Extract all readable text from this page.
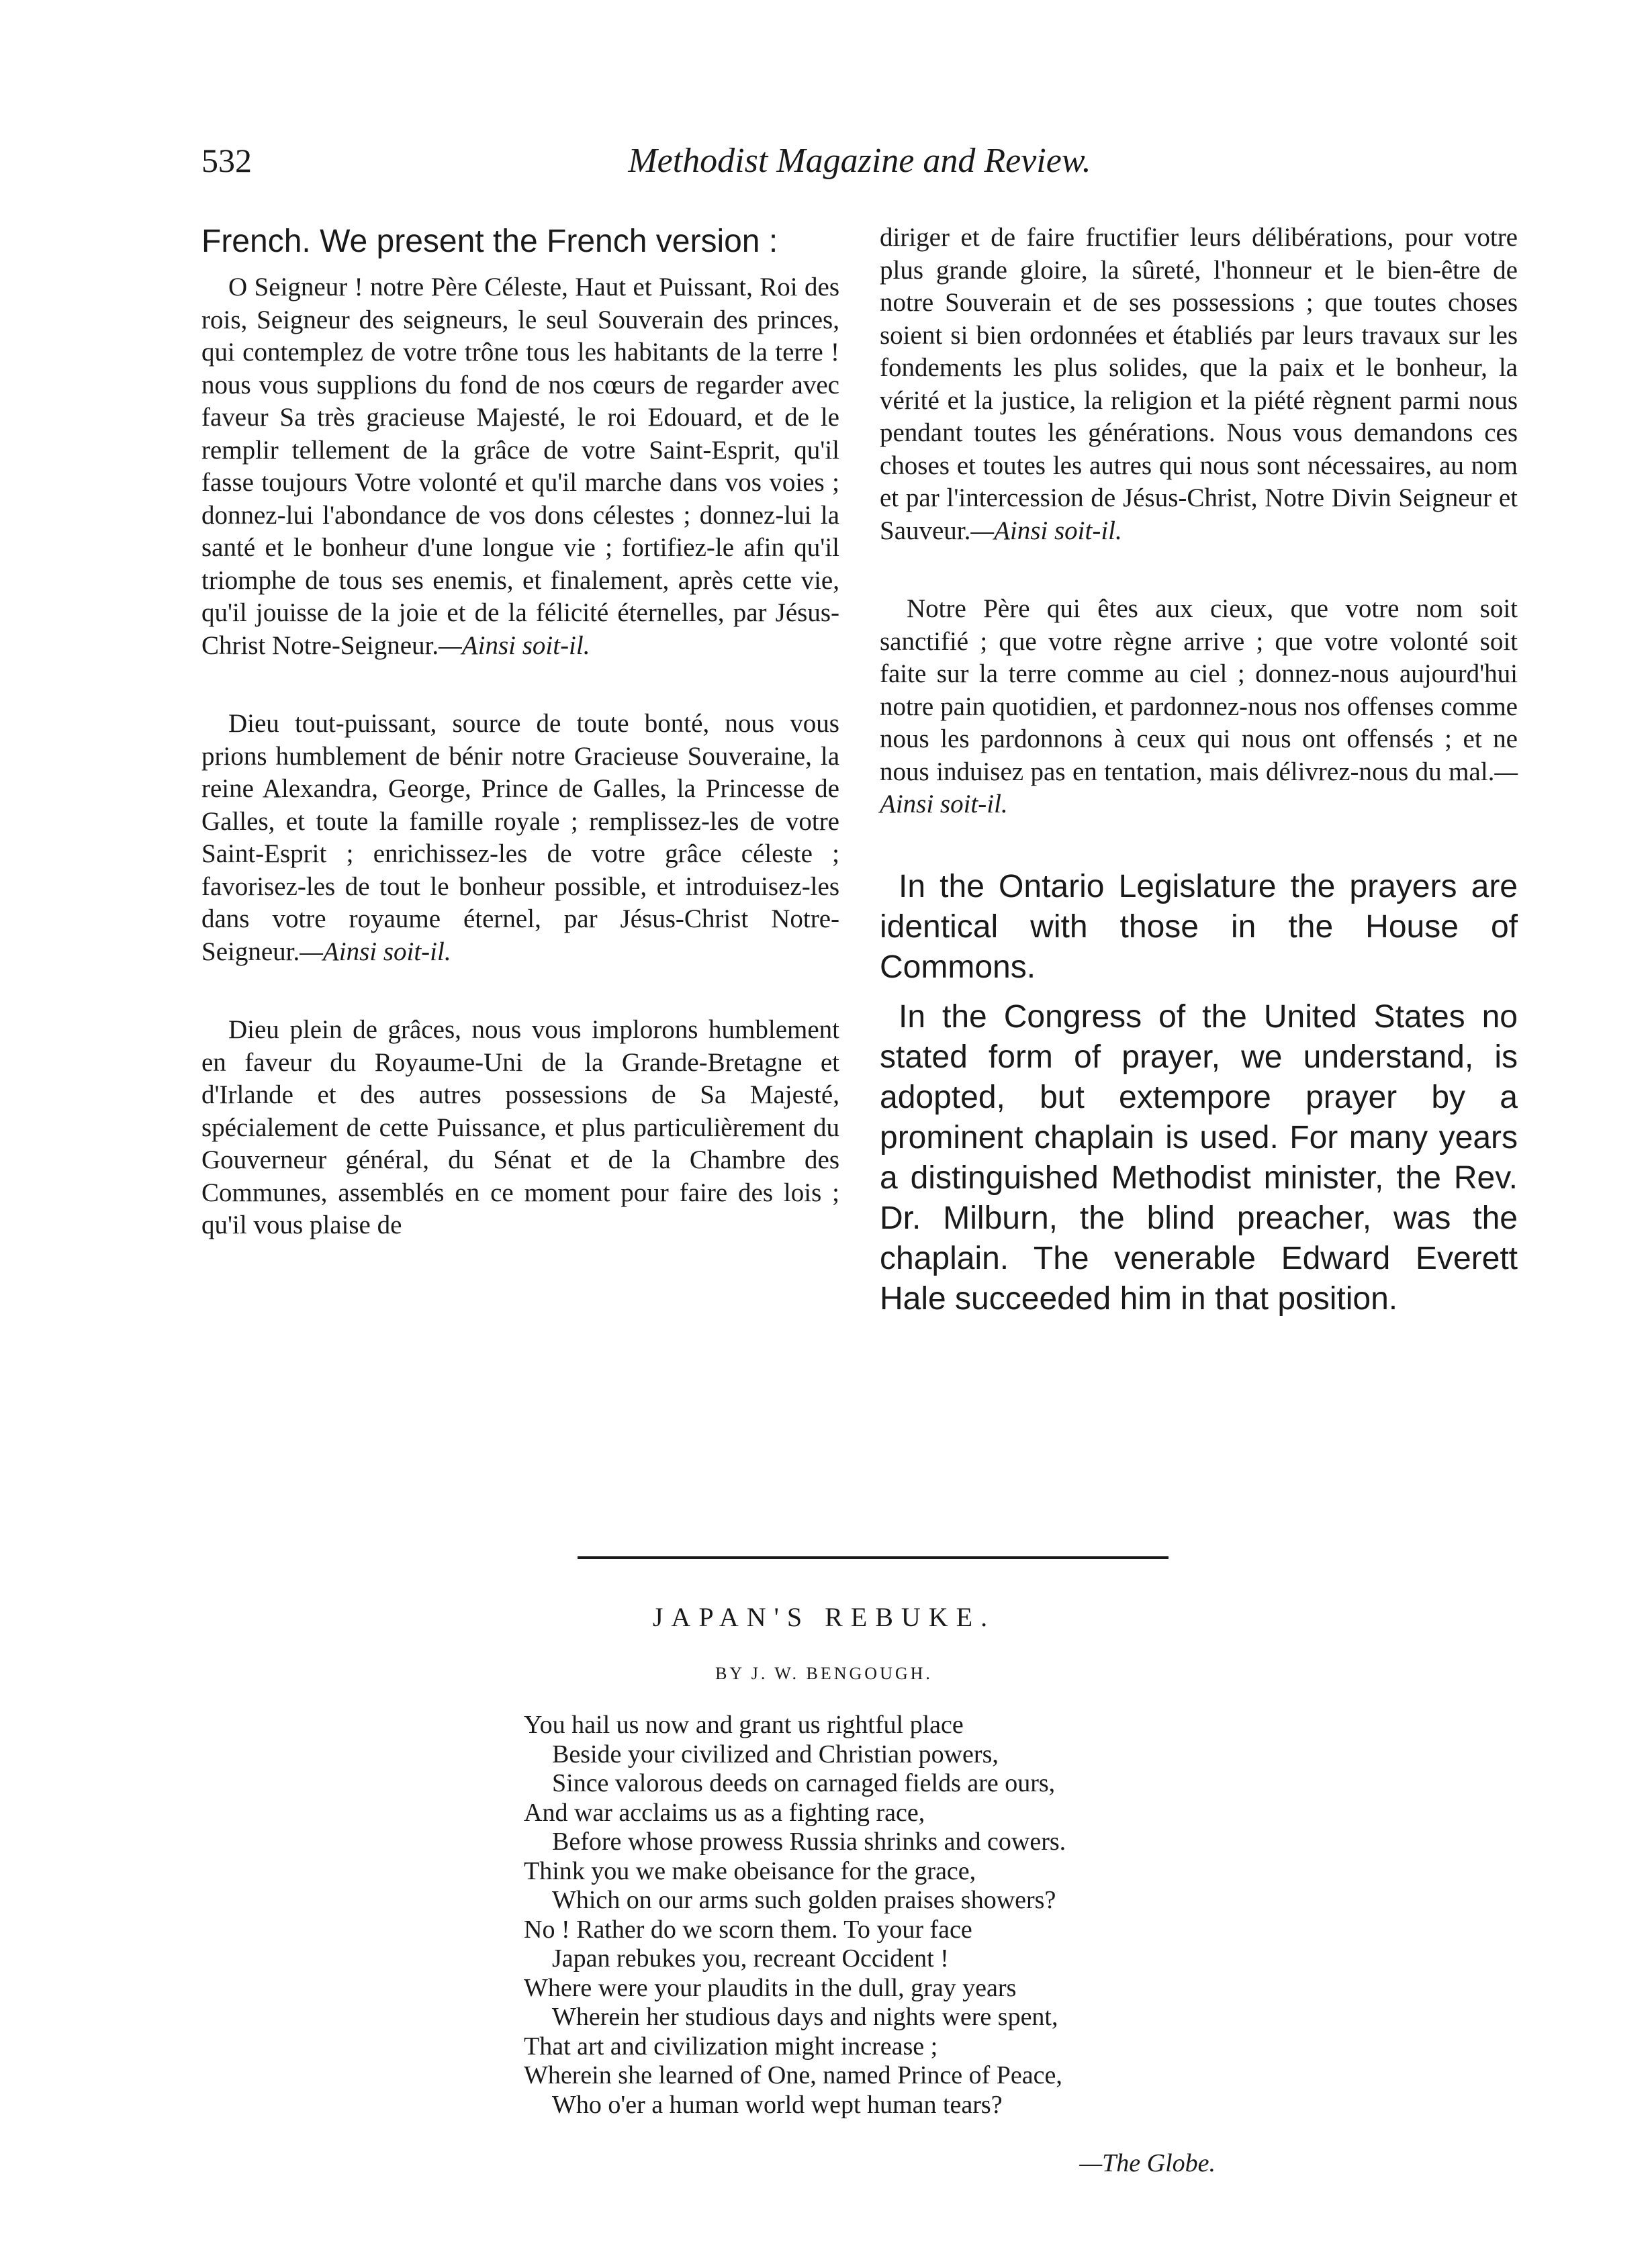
532	Methodist Magazine and Review.

French. We present the French version :

O Seigneur ! notre Père Céleste, Haut et Puissant, Roi des rois, Seigneur des seigneurs, le seul Souverain des princes, qui contemplez de votre trône tous les habitants de la terre ! nous vous supplions du fond de nos cœurs de regarder avec faveur Sa très gracieuse Majesté, le roi Edouard, et de le remplir tellement de la grâce de votre Saint-Esprit, qu'il fasse toujours Votre volonté et qu'il marche dans vos voies ; donnez-lui l'abondance de vos dons célestes ; donnez-lui la santé et le bonheur d'une longue vie ; fortifiez-le afin qu'il triomphe de tous ses enemis, et finalement, après cette vie, qu'il jouisse de la joie et de la félicité éternelles, par Jésus-Christ Notre-Seigneur.—Ainsi soit-il.

Dieu tout-puissant, source de toute bonté, nous vous prions humblement de bénir notre Gracieuse Souveraine, la reine Alexandra, George, Prince de Galles, la Princesse de Galles, et toute la famille royale ; remplissez-les de votre Saint-Esprit ; enrichissez-les de votre grâce céleste ; favorisez-les de tout le bonheur possible, et introduisez-les dans votre royaume éternel, par Jésus-Christ Notre-Seigneur.—Ainsi soit-il.

Dieu plein de grâces, nous vous implorons humblement en faveur du Royaume-Uni de la Grande-Bretagne et d'Irlande et des autres possessions de Sa Majesté, spécialement de cette Puissance, et plus particulièrement du Gouverneur général, du Sénat et de la Chambre des Communes, assemblés en ce moment pour faire des lois ; qu'il vous plaise de

diriger et de faire fructifier leurs délibérations, pour votre plus grande gloire, la sûreté, l'honneur et le bien-être de notre Souverain et de ses possessions ; que toutes choses soient si bien ordonnées et établiés par leurs travaux sur les fondements les plus solides, que la paix et le bonheur, la vérité et la justice, la religion et la piété règnent parmi nous pendant toutes les générations. Nous vous demandons ces choses et toutes les autres qui nous sont nécessaires, au nom et par l'intercession de Jésus-Christ, Notre Divin Seigneur et Sauveur.—Ainsi soit-il.

Notre Père qui êtes aux cieux, que votre nom soit sanctifié ; que votre règne arrive ; que votre volonté soit faite sur la terre comme au ciel ; donnez-nous aujourd'hui notre pain quotidien, et pardonnez-nous nos offenses comme nous les pardonnons à ceux qui nous ont offensés ; et ne nous induisez pas en tentation, mais délivrez-nous du mal.—Ainsi soit-il.

In the Ontario Legislature the prayers are identical with those in the House of Commons.

In the Congress of the United States no stated form of prayer, we understand, is adopted, but extempore prayer by a prominent chaplain is used. For many years a distinguished Methodist minister, the Rev. Dr. Milburn, the blind preacher, was the chaplain. The venerable Edward Everett Hale succeeded him in that position.

JAPAN'S REBUKE.
BY J. W. BENGOUGH.
You hail us now and grant us rightful place
Beside your civilized and Christian powers,
Since valorous deeds on carnaged fields are ours,
And war acclaims us as a fighting race,
Before whose prowess Russia shrinks and cowers.
Think you we make obeisance for the grace,
Which on our arms such golden praises showers?
No ! Rather do we scorn them. To your face
Japan rebukes you, recreant Occident !
Where were your plaudits in the dull, gray years
Wherein her studious days and nights were spent,
That art and civilization might increase ;
Wherein she learned of One, named Prince of Peace,
Who o'er a human world wept human tears?
—The Globe.
